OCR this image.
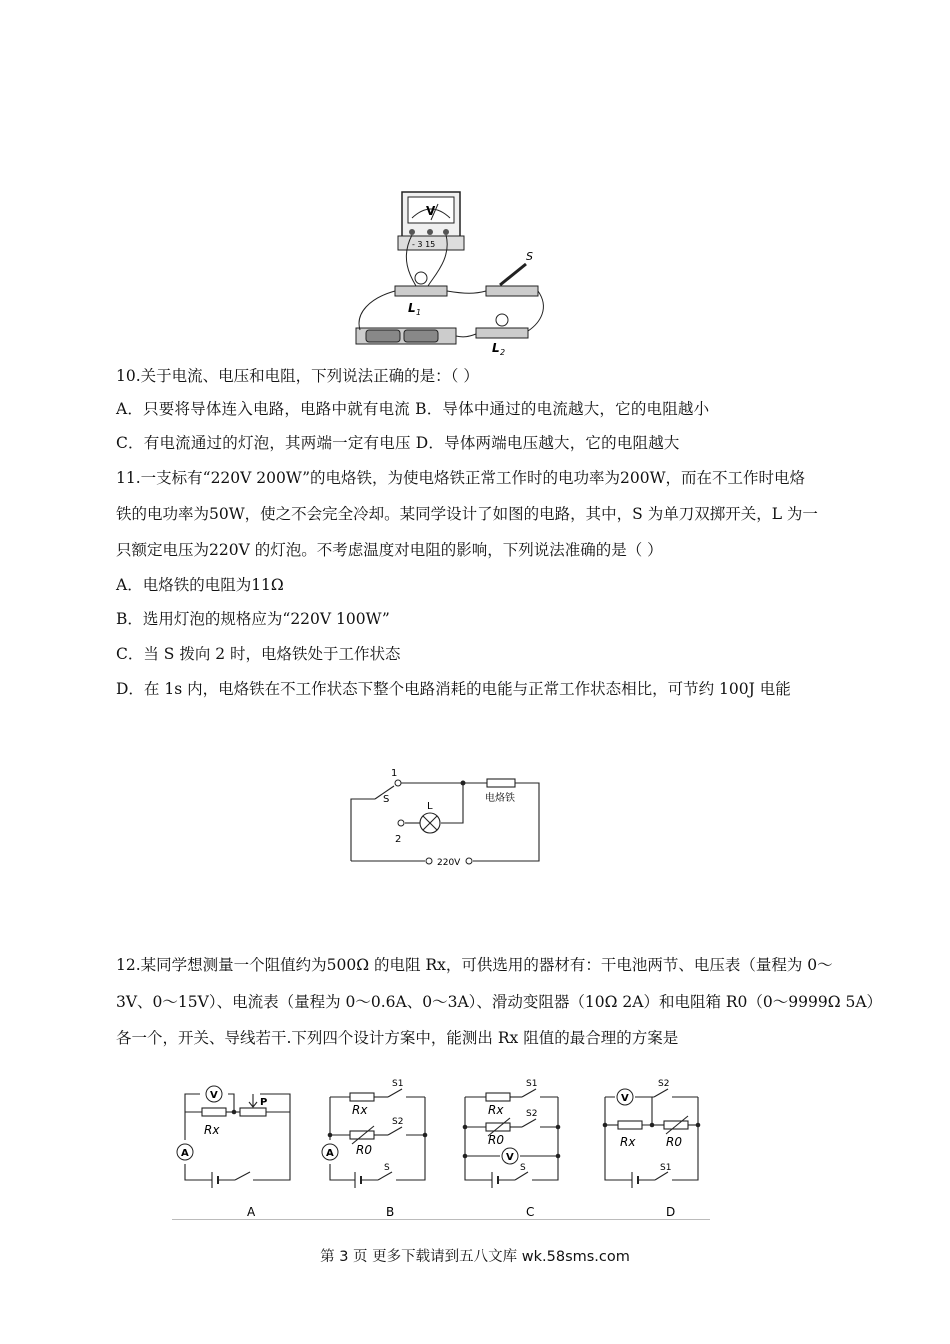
V
- 3 15
S
L 1
L 2
10.关于电流、电压和电阻，下列说法正确的是：（ ）
A．只要将导体连入电路，电路中就有电流 B．导体中通过的电流越大，它的电阻越小
C．有电流通过的灯泡，其两端一定有电压 D．导体两端电压越大，它的电阻越大
11.一支标有“220V 200W”的电烙铁，为使电烙铁正常工作时的电功率为200W，而在不工作时电烙
铁的电功率为50W，使之不会完全冷却。某同学设计了如图的电路，其中，S 为单刀双掷开关，L 为一
只额定电压为220V 的灯泡。不考虑温度对电阻的影响，下列说法准确的是（ ）
A．电烙铁的电阻为11Ω
B．选用灯泡的规格应为“220V 100W”
C．当 S 拨向 2 时，电烙铁处于工作状态
D．在 1s 内，电烙铁在不工作状态下整个电路消耗的电能与正常工作状态相比，可节约 100J 电能
1
2
S
L
电烙铁
220V
12.某同学想测量一个阻值约为500Ω 的电阻 Rx，可供选用的器材有：干电池两节、电压表（量程为 0～
3V、0～15V）、电流表（量程为 0～0.6A、0～3A）、滑动变阻器（10Ω 2A）和电阻箱 R0（0～9999Ω 5A）
各一个，开关、导线若干.下列四个设计方案中，能测出 Rx 阻值的最合理的方案是
V
A	A	V
V
P
Rx
Rx
R0
S1
S2
S
Rx
R0
S1
S2
S
Rx	R0
S2
S1
A	B	C	D
第 3 页 更多下载请到五八文库 wk.58sms.com
